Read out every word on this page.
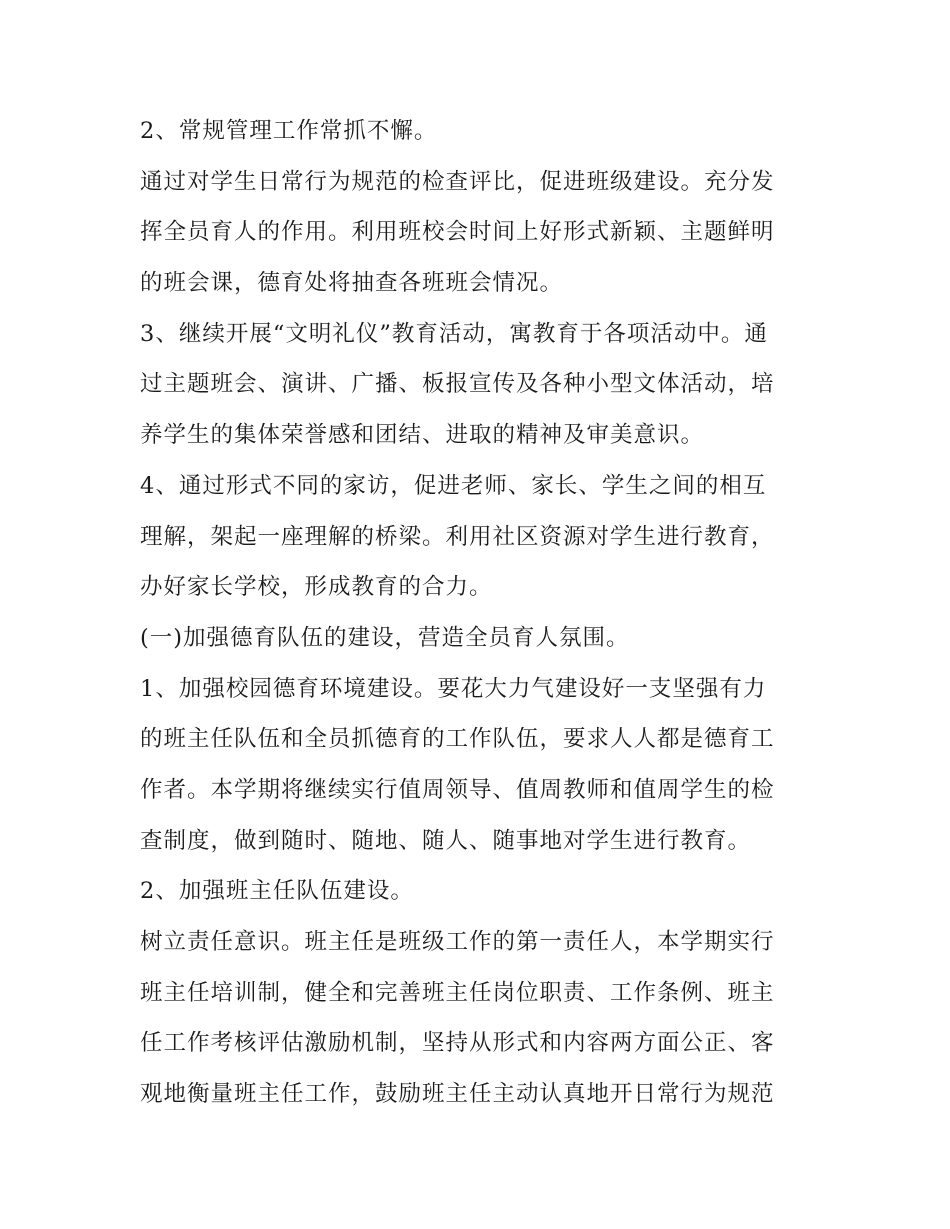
2、常规管理工作常抓不懈。
通过对学生日常行为规范的检查评比，促进班级建设。充分发
挥全员育人的作用。利用班校会时间上好形式新颖、主题鲜明
的班会课，德育处将抽查各班班会情况。
3、继续开展“文明礼仪”教育活动，寓教育于各项活动中。通
过主题班会、演讲、广播、板报宣传及各种小型文体活动，培
养学生的集体荣誉感和团结、进取的精神及审美意识。
4、通过形式不同的家访，促进老师、家长、学生之间的相互
理解，架起一座理解的桥梁。利用社区资源对学生进行教育，
办好家长学校，形成教育的合力。
(一)加强德育队伍的建设，营造全员育人氛围。
1、加强校园德育环境建设。要花大力气建设好一支坚强有力
的班主任队伍和全员抓德育的工作队伍，要求人人都是德育工
作者。本学期将继续实行值周领导、值周教师和值周学生的检
查制度，做到随时、随地、随人、随事地对学生进行教育。
2、加强班主任队伍建设。
树立责任意识。班主任是班级工作的第一责任人，本学期实行
班主任培训制，健全和完善班主任岗位职责、工作条例、班主
任工作考核评估激励机制，坚持从形式和内容两方面公正、客
观地衡量班主任工作，鼓励班主任主动认真地开日常行为规范
